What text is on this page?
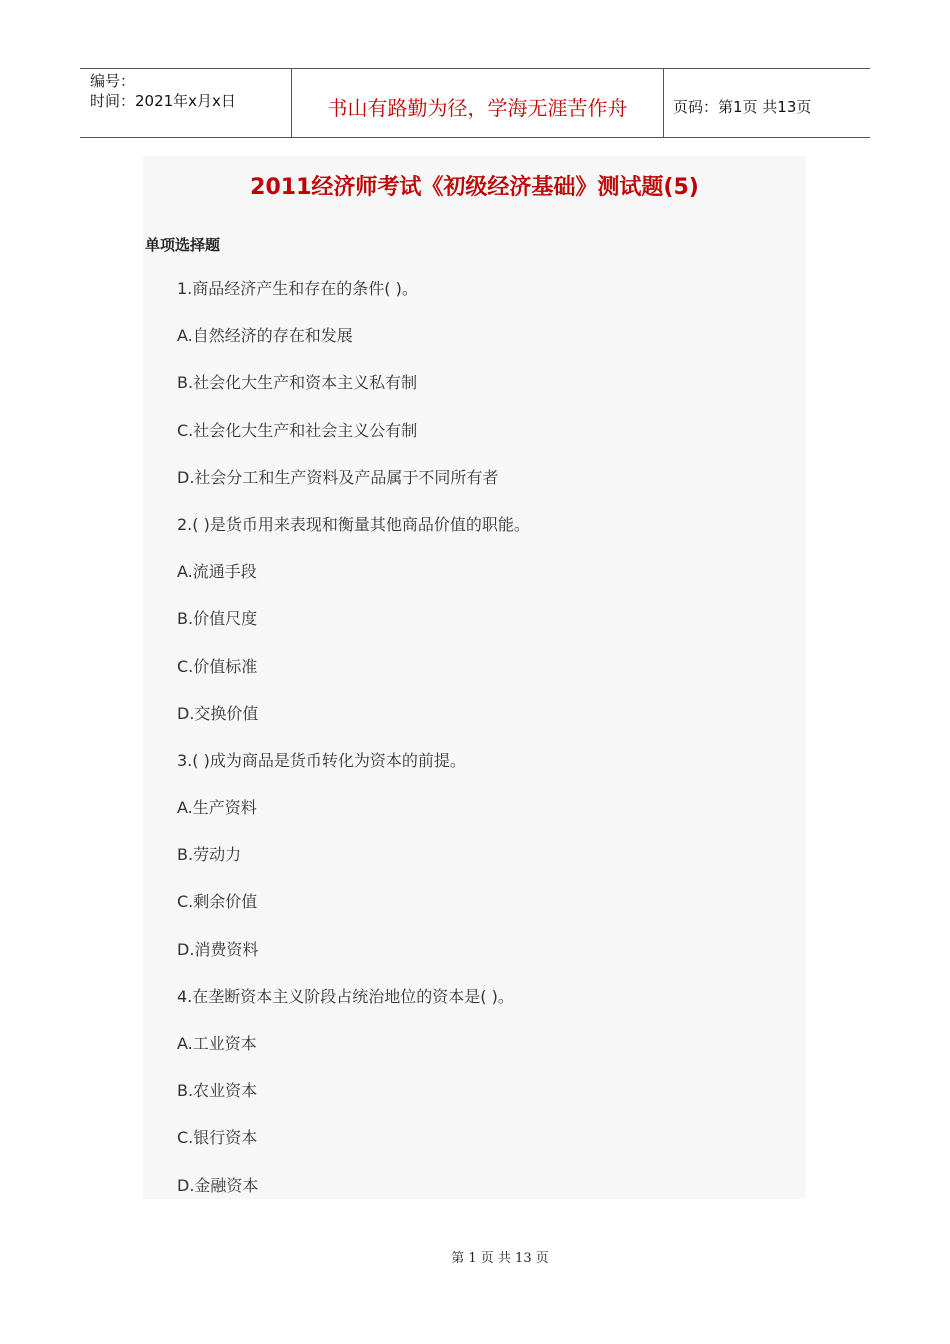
编号：
时间：2021年x月x日	书山有路勤为径，学海无涯苦作舟	页码：第1页 共13页
2011经济师考试《初级经济基础》测试题(5)
单项选择题
1.商品经济产生和存在的条件( )。
A.自然经济的存在和发展
B.社会化大生产和资本主义私有制
C.社会化大生产和社会主义公有制
D.社会分工和生产资料及产品属于不同所有者
2.( )是货币用来表现和衡量其他商品价值的职能。
A.流通手段
B.价值尺度
C.价值标准
D.交换价值
3.( )成为商品是货币转化为资本的前提。
A.生产资料
B.劳动力
C.剩余价值
D.消费资料
4.在垄断资本主义阶段占统治地位的资本是( )。
A.工业资本
B.农业资本
C.银行资本
D.金融资本
第 1 页 共 13 页
